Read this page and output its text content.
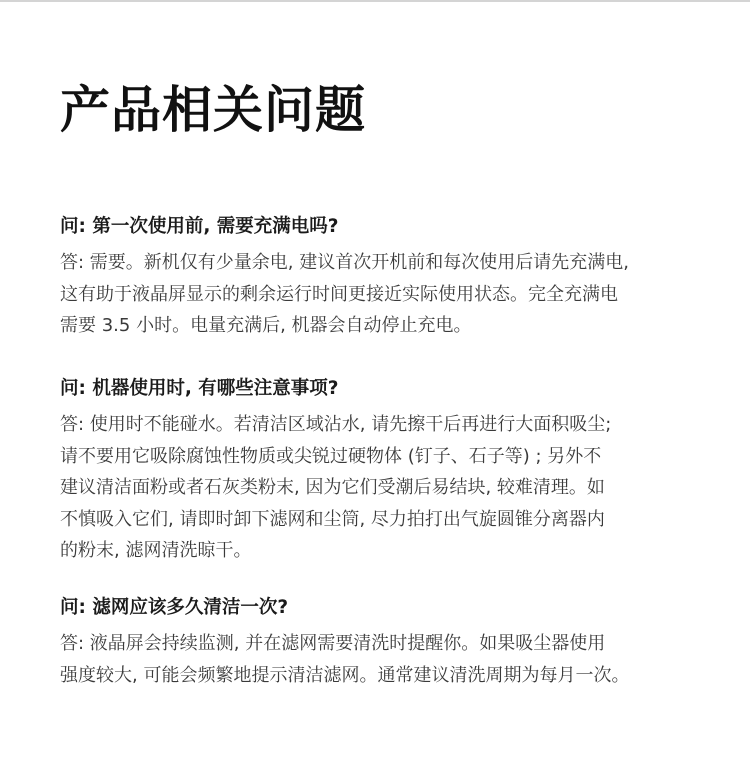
产品相关问题

问: 第一次使用前, 需要充满电吗?

答: 需要。新机仅有少量余电, 建议首次开机前和每次使用后请先充满电,
这有助于液晶屏显示的剩余运行时间更接近实际使用状态。完全充满电
需要 3.5 小时。电量充满后, 机器会自动停止充电。

问: 机器使用时, 有哪些注意事项?

答: 使用时不能碰水。若清洁区域沾水, 请先擦干后再进行大面积吸尘;
请不要用它吸除腐蚀性物质或尖锐过硬物体 (钉子、石子等) ; 另外不
建议清洁面粉或者石灰类粉末, 因为它们受潮后易结块, 较难清理。如
不慎吸入它们, 请即时卸下滤网和尘筒, 尽力拍打出气旋圆锥分离器内
的粉末, 滤网清洗晾干。

问: 滤网应该多久清洁一次?

答: 液晶屏会持续监测, 并在滤网需要清洗时提醒你。如果吸尘器使用
强度较大, 可能会频繁地提示清洁滤网。通常建议清洗周期为每月一次。
